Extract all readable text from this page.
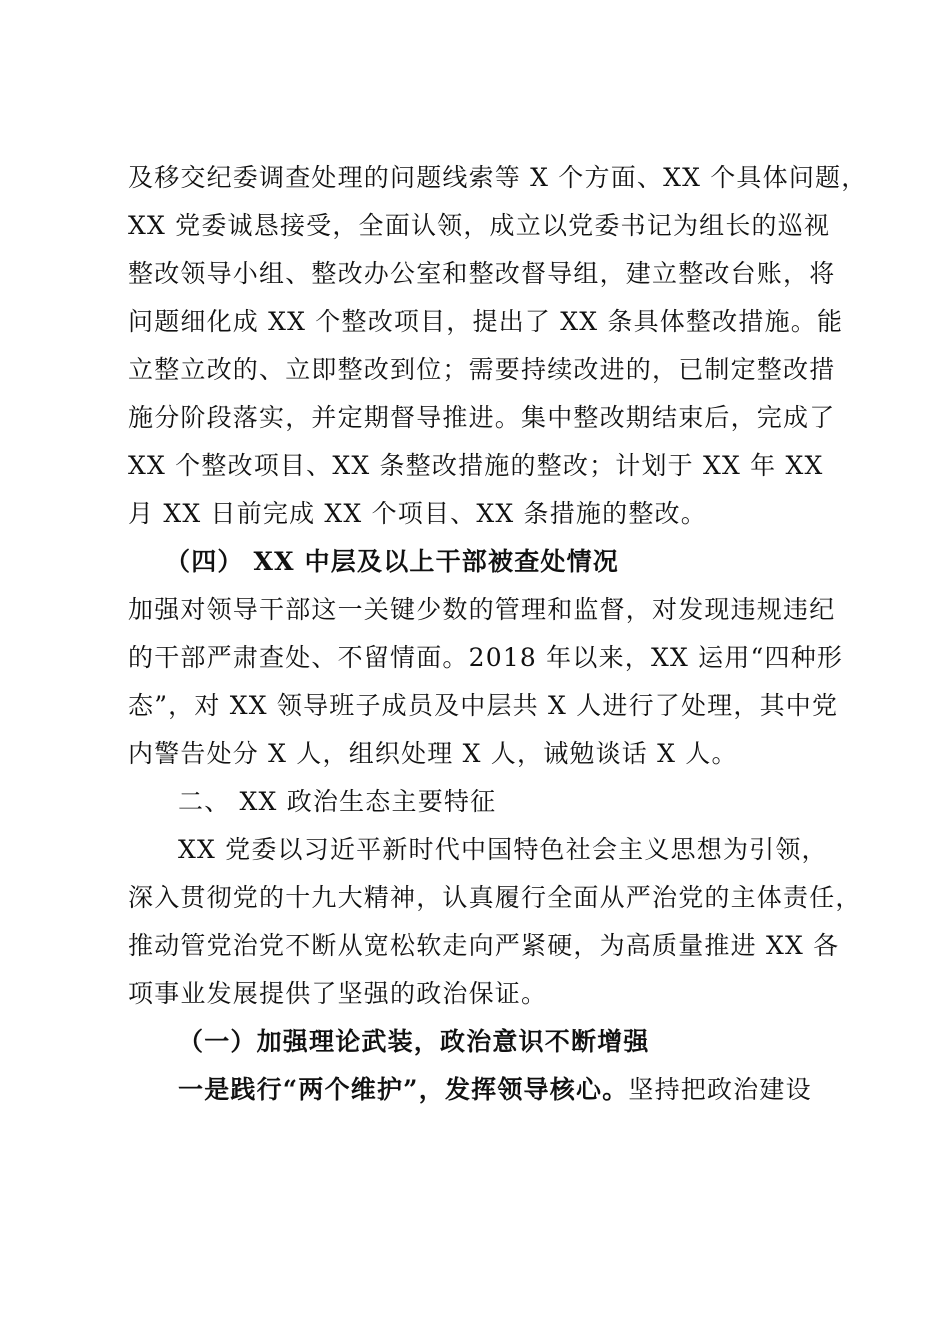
及移交纪委调查处理的问题线索等 X 个方面、XX 个具体问题，
XX 党委诚恳接受，全面认领，成立以党委书记为组长的巡视
整改领导小组、整改办公室和整改督导组，建立整改台账，将
问题细化成 XX 个整改项目，提出了 XX 条具体整改措施。能
立整立改的、立即整改到位；需要持续改进的，已制定整改措
施分阶段落实，并定期督导推进。集中整改期结束后，完成了
XX 个整改项目、XX 条整改措施的整改；计划于 XX 年 XX
月 XX 日前完成 XX 个项目、XX 条措施的整改。
（四） XX 中层及以上干部被查处情况
加强对领导干部这一关键少数的管理和监督，对发现违规违纪
的干部严肃查处、不留情面。2018 年以来，XX 运用“四种形
态”，对 XX 领导班子成员及中层共 X 人进行了处理，其中党
内警告处分 X 人，组织处理 X 人，诫勉谈话 X 人。
二、 XX 政治生态主要特征
XX 党委以习近平新时代中国特色社会主义思想为引领，
深入贯彻党的十九大精神，认真履行全面从严治党的主体责任，
推动管党治党不断从宽松软走向严紧硬，为高质量推进 XX 各
项事业发展提供了坚强的政治保证。
（一）加强理论武装，政治意识不断增强
一是践行“两个维护”，发挥领导核心。坚持把政治建设
